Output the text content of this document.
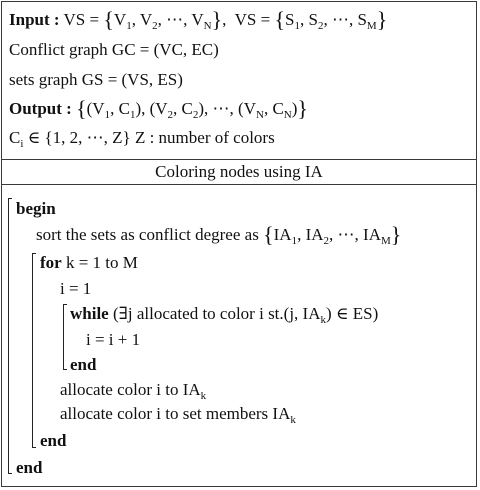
Input : VS = {$V_1$, $V_2$, ⋯, $V_N$},  VS = {$S_1$, $S_2$, ⋯, $S_M$}
Conflict graph GC = (VC, EC)
sets graph GS = (VS, ES)
Output : {($V_1$, $C_1$), ($V_2$, $C_2$), ⋯, ($V_N$, $C_N$)}
$C_i$ ∈ {1, 2, ⋯, Z} Z : number of colors
Coloring nodes using IA
begin
sort the sets as conflict degree as {$IA_1$, $IA_2$, ⋯, $IA_M$}
for k = 1 to M
i = 1
while (∃j allocated to color i st.(j, $IA_k$) ∈ ES)
i = i + 1
end
allocate color i to $IA_k$
allocate color i to set members $IA_k$
end
end
